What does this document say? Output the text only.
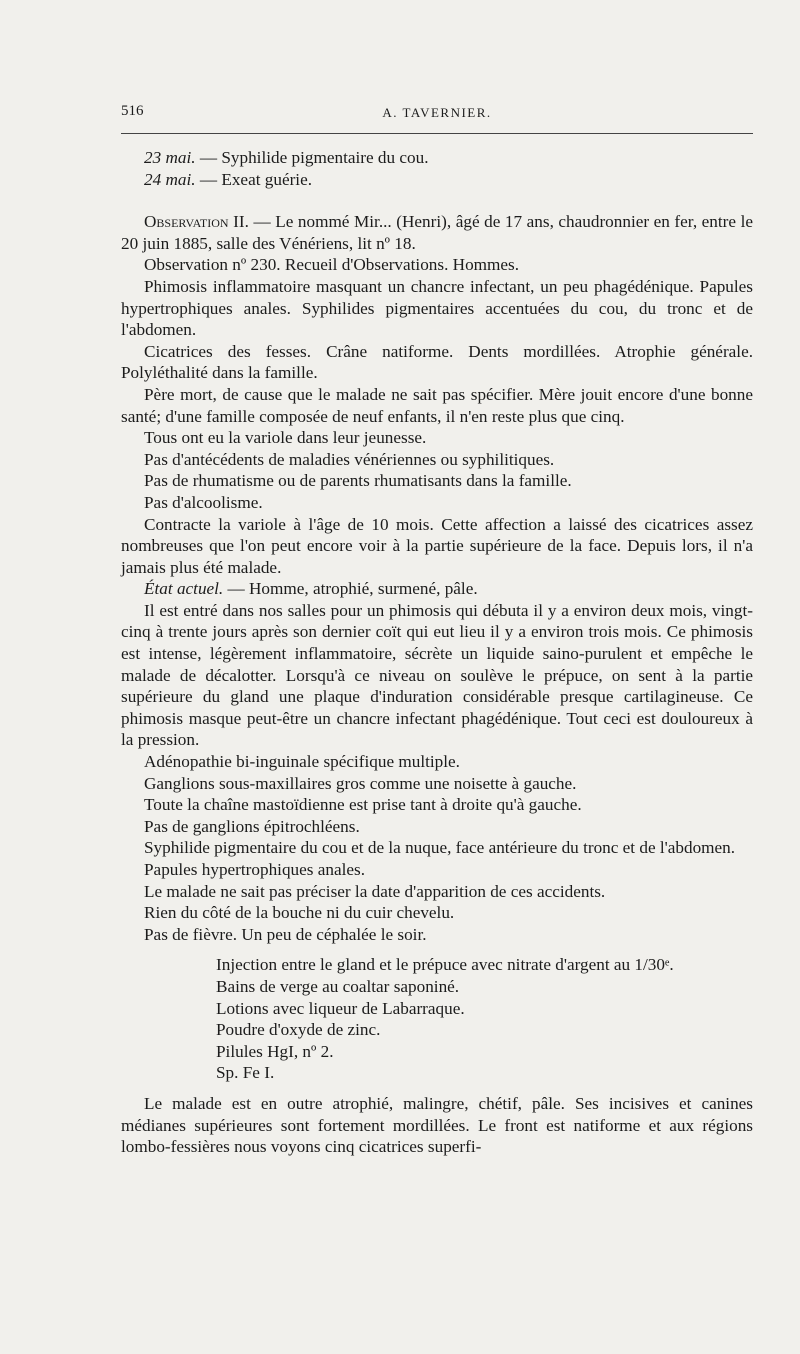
516	A. TAVERNIER.

23 mai. — Syphilide pigmentaire du cou.

24 mai. — Exeat guérie.

Observation II. — Le nommé Mir... (Henri), âgé de 17 ans, chaudronnier en fer, entre le 20 juin 1885, salle des Vénériens, lit nº 18.

Observation nº 230. Recueil d'Observations. Hommes.

Phimosis inflammatoire masquant un chancre infectant, un peu phagédénique. Papules hypertrophiques anales. Syphilides pigmentaires accentuées du cou, du tronc et de l'abdomen.

Cicatrices des fesses. Crâne natiforme. Dents mordillées. Atrophie générale. Polyléthalité dans la famille.

Père mort, de cause que le malade ne sait pas spécifier. Mère jouit encore d'une bonne santé; d'une famille composée de neuf enfants, il n'en reste plus que cinq.

Tous ont eu la variole dans leur jeunesse.

Pas d'antécédents de maladies vénériennes ou syphilitiques.

Pas de rhumatisme ou de parents rhumatisants dans la famille.

Pas d'alcoolisme.

Contracte la variole à l'âge de 10 mois. Cette affection a laissé des cicatrices assez nombreuses que l'on peut encore voir à la partie supérieure de la face. Depuis lors, il n'a jamais plus été malade.

État actuel. — Homme, atrophié, surmené, pâle.

Il est entré dans nos salles pour un phimosis qui débuta il y a environ deux mois, vingt-cinq à trente jours après son dernier coït qui eut lieu il y a environ trois mois. Ce phimosis est intense, légèrement inflammatoire, sécrète un liquide saino-purulent et empêche le malade de décalotter. Lorsqu'à ce niveau on soulève le prépuce, on sent à la partie supérieure du gland une plaque d'induration considérable presque cartilagineuse. Ce phimosis masque peut-être un chancre infectant phagédénique. Tout ceci est douloureux à la pression.

Adénopathie bi-inguinale spécifique multiple.

Ganglions sous-maxillaires gros comme une noisette à gauche.

Toute la chaîne mastoïdienne est prise tant à droite qu'à gauche.

Pas de ganglions épitrochléens.

Syphilide pigmentaire du cou et de la nuque, face antérieure du tronc et de l'abdomen.

Papules hypertrophiques anales.

Le malade ne sait pas préciser la date d'apparition de ces accidents.

Rien du côté de la bouche ni du cuir chevelu.

Pas de fièvre. Un peu de céphalée le soir.

Injection entre le gland et le prépuce avec nitrate d'argent au 1/30ᵉ.
Bains de verge au coaltar saponiné.
Lotions avec liqueur de Labarraque.
Poudre d'oxyde de zinc.
Pilules HgI, nº 2.
Sp. Fe I.

Le malade est en outre atrophié, malingre, chétif, pâle. Ses incisives et canines médianes supérieures sont fortement mordillées. Le front est natiforme et aux régions lombo-fessières nous voyons cinq cicatrices superfi-
